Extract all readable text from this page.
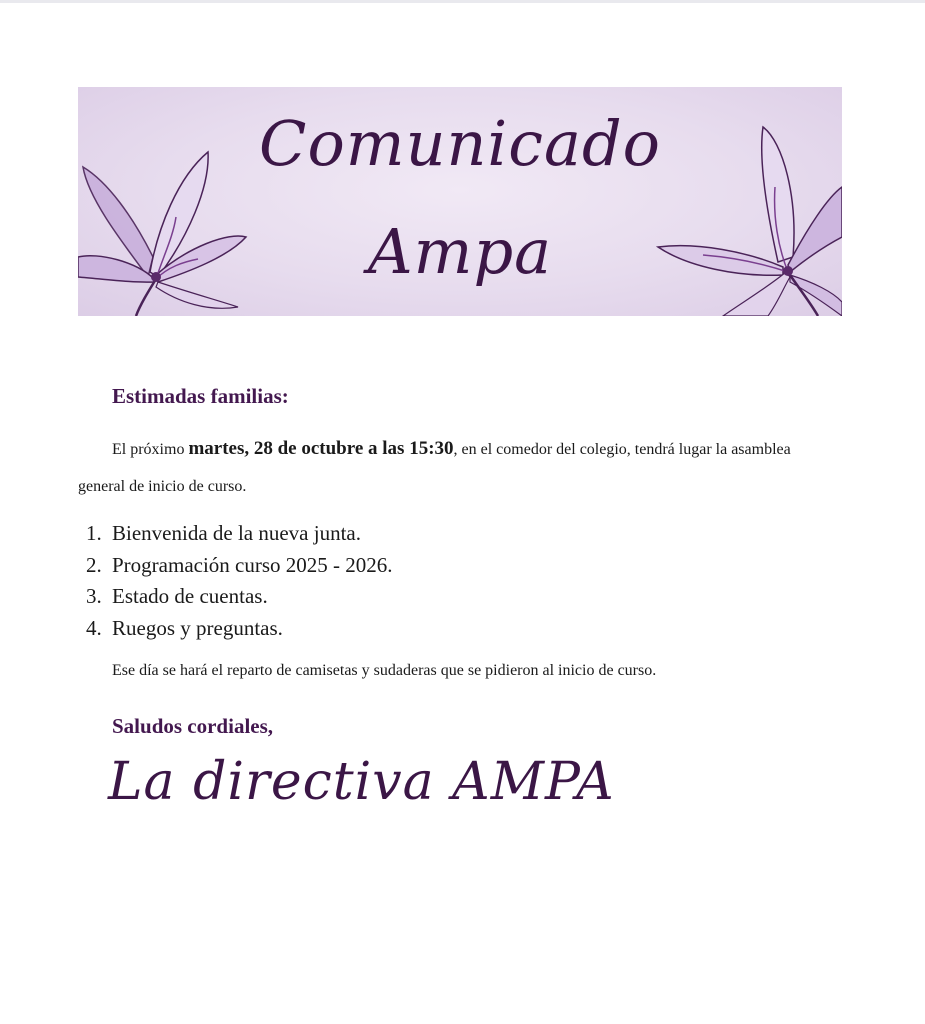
Comunicado
Ampa

Estimadas familias:

El próximo martes, 28 de octubre a las 15:30, en el comedor del colegio, tendrá lugar la asamblea general de inicio de curso.

1. Bienvenida de la nueva junta.
2. Programación curso 2025 - 2026.
3. Estado de cuentas.
4. Ruegos y preguntas.

Ese día se hará el reparto de camisetas y sudaderas que se pidieron al inicio de curso.

Saludos cordiales,

La directiva AMPA
